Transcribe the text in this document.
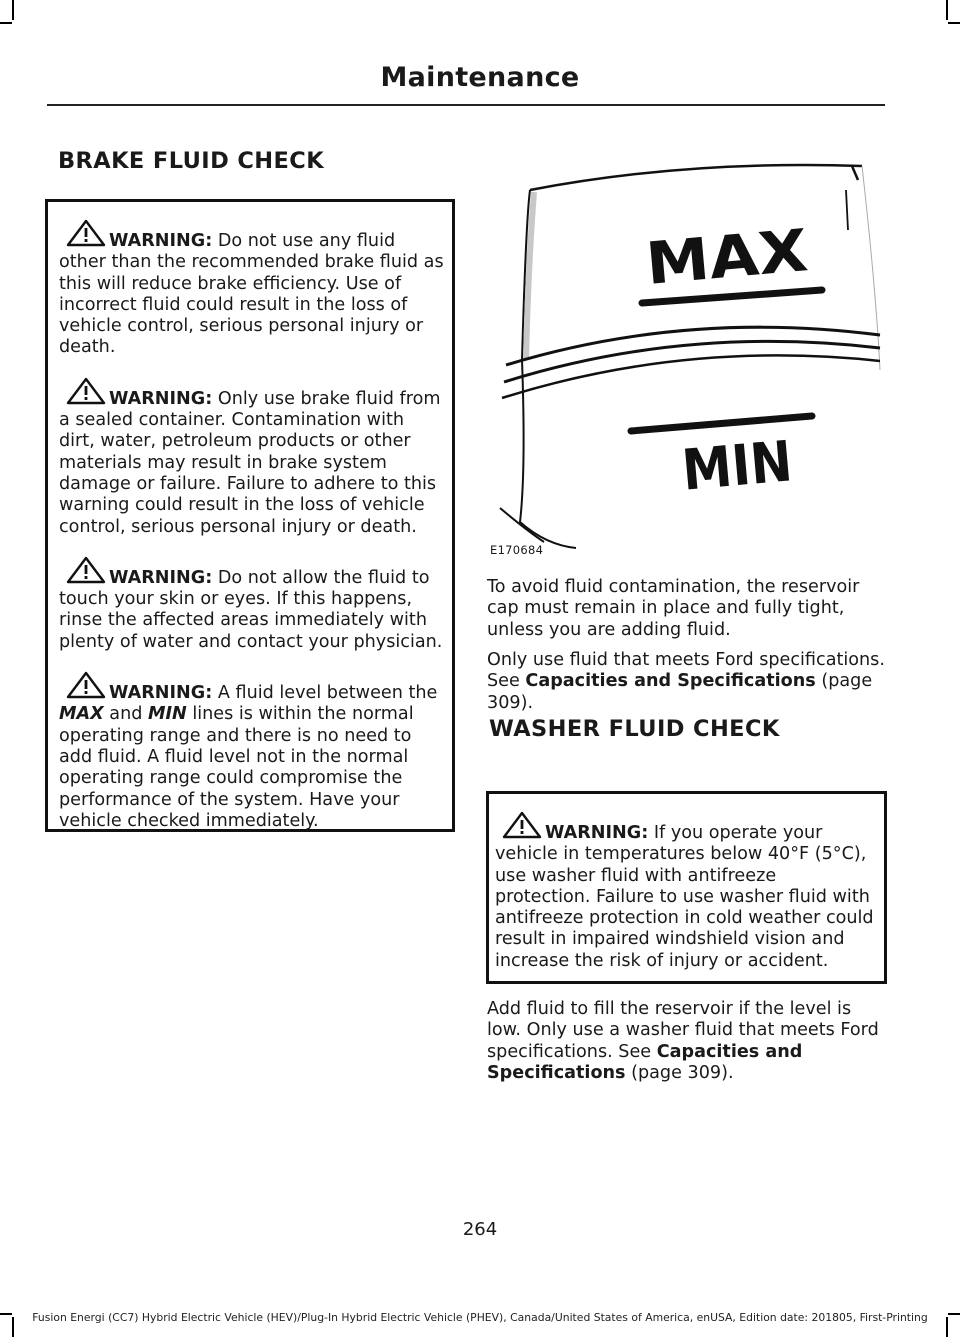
Maintenance
BRAKE FLUID CHECK

WARNING: Do not use any fluid other than the recommended brake fluid as this will reduce brake efficiency. Use of incorrect fluid could result in the loss of vehicle control, serious personal injury or death.

WARNING: Only use brake fluid from a sealed container. Contamination with dirt, water, petroleum products or other materials may result in brake system damage or failure. Failure to adhere to this warning could result in the loss of vehicle control, serious personal injury or death.

WARNING: Do not allow the fluid to touch your skin or eyes. If this happens, rinse the affected areas immediately with plenty of water and contact your physician.

WARNING: A fluid level between the MAX and MIN lines is within the normal operating range and there is no need to add fluid. A fluid level not in the normal operating range could compromise the performance of the system. Have your vehicle checked immediately.

MAX
MIN
E170684

To avoid fluid contamination, the reservoir cap must remain in place and fully tight, unless you are adding fluid.

Only use fluid that meets Ford specifications. See Capacities and Specifications (page 309).

WASHER FLUID CHECK

WARNING: If you operate your vehicle in temperatures below 40°F (5°C), use washer fluid with antifreeze protection. Failure to use washer fluid with antifreeze protection in cold weather could result in impaired windshield vision and increase the risk of injury or accident.

Add fluid to fill the reservoir if the level is low. Only use a washer fluid that meets Ford specifications. See Capacities and Specifications (page 309).

264
Fusion Energi (CC7) Hybrid Electric Vehicle (HEV)/Plug-In Hybrid Electric Vehicle (PHEV), Canada/United States of America, enUSA, Edition date: 201805, First-Printing
